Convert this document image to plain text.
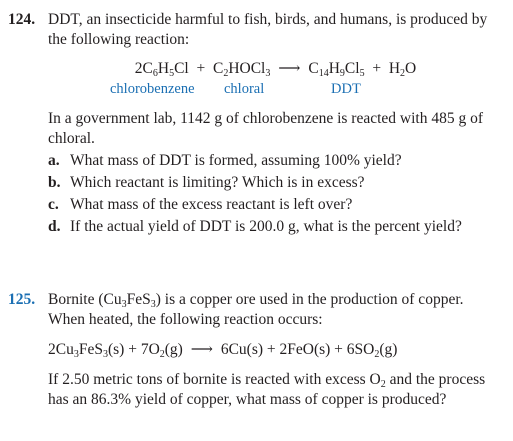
124. DDT, an insecticide harmful to fish, birds, and humans, is produced by the following reaction:
$2C_6H_5Cl$ + $C_2HOCl_3$ ⟶ $C_{14}H_9Cl_5 + H_2O$
chlorobenzene chloral	DDT
In a government lab, 1142 g of chlorobenzene is reacted with 485 g of chloral.
a. What mass of DDT is formed, assuming 100% yield?
b. Which reactant is limiting? Which is in excess?
c. What mass of the excess reactant is left over?
d. If the actual yield of DDT is 200.0 g, what is the percent yield?
125. Bornite $(Cu_3FeS_3)$ is a copper ore used in the production of copper. When heated, the following reaction occurs:
$2Cu_3FeS_3(s) + 7O_2(g)$ ⟶ $6Cu(s) + 2FeO(s) + 6SO_2(g)$
If 2.50 metric tons of bornite is reacted with excess $O_2$ and the process has an 86.3% yield of copper, what mass of copper is produced?
